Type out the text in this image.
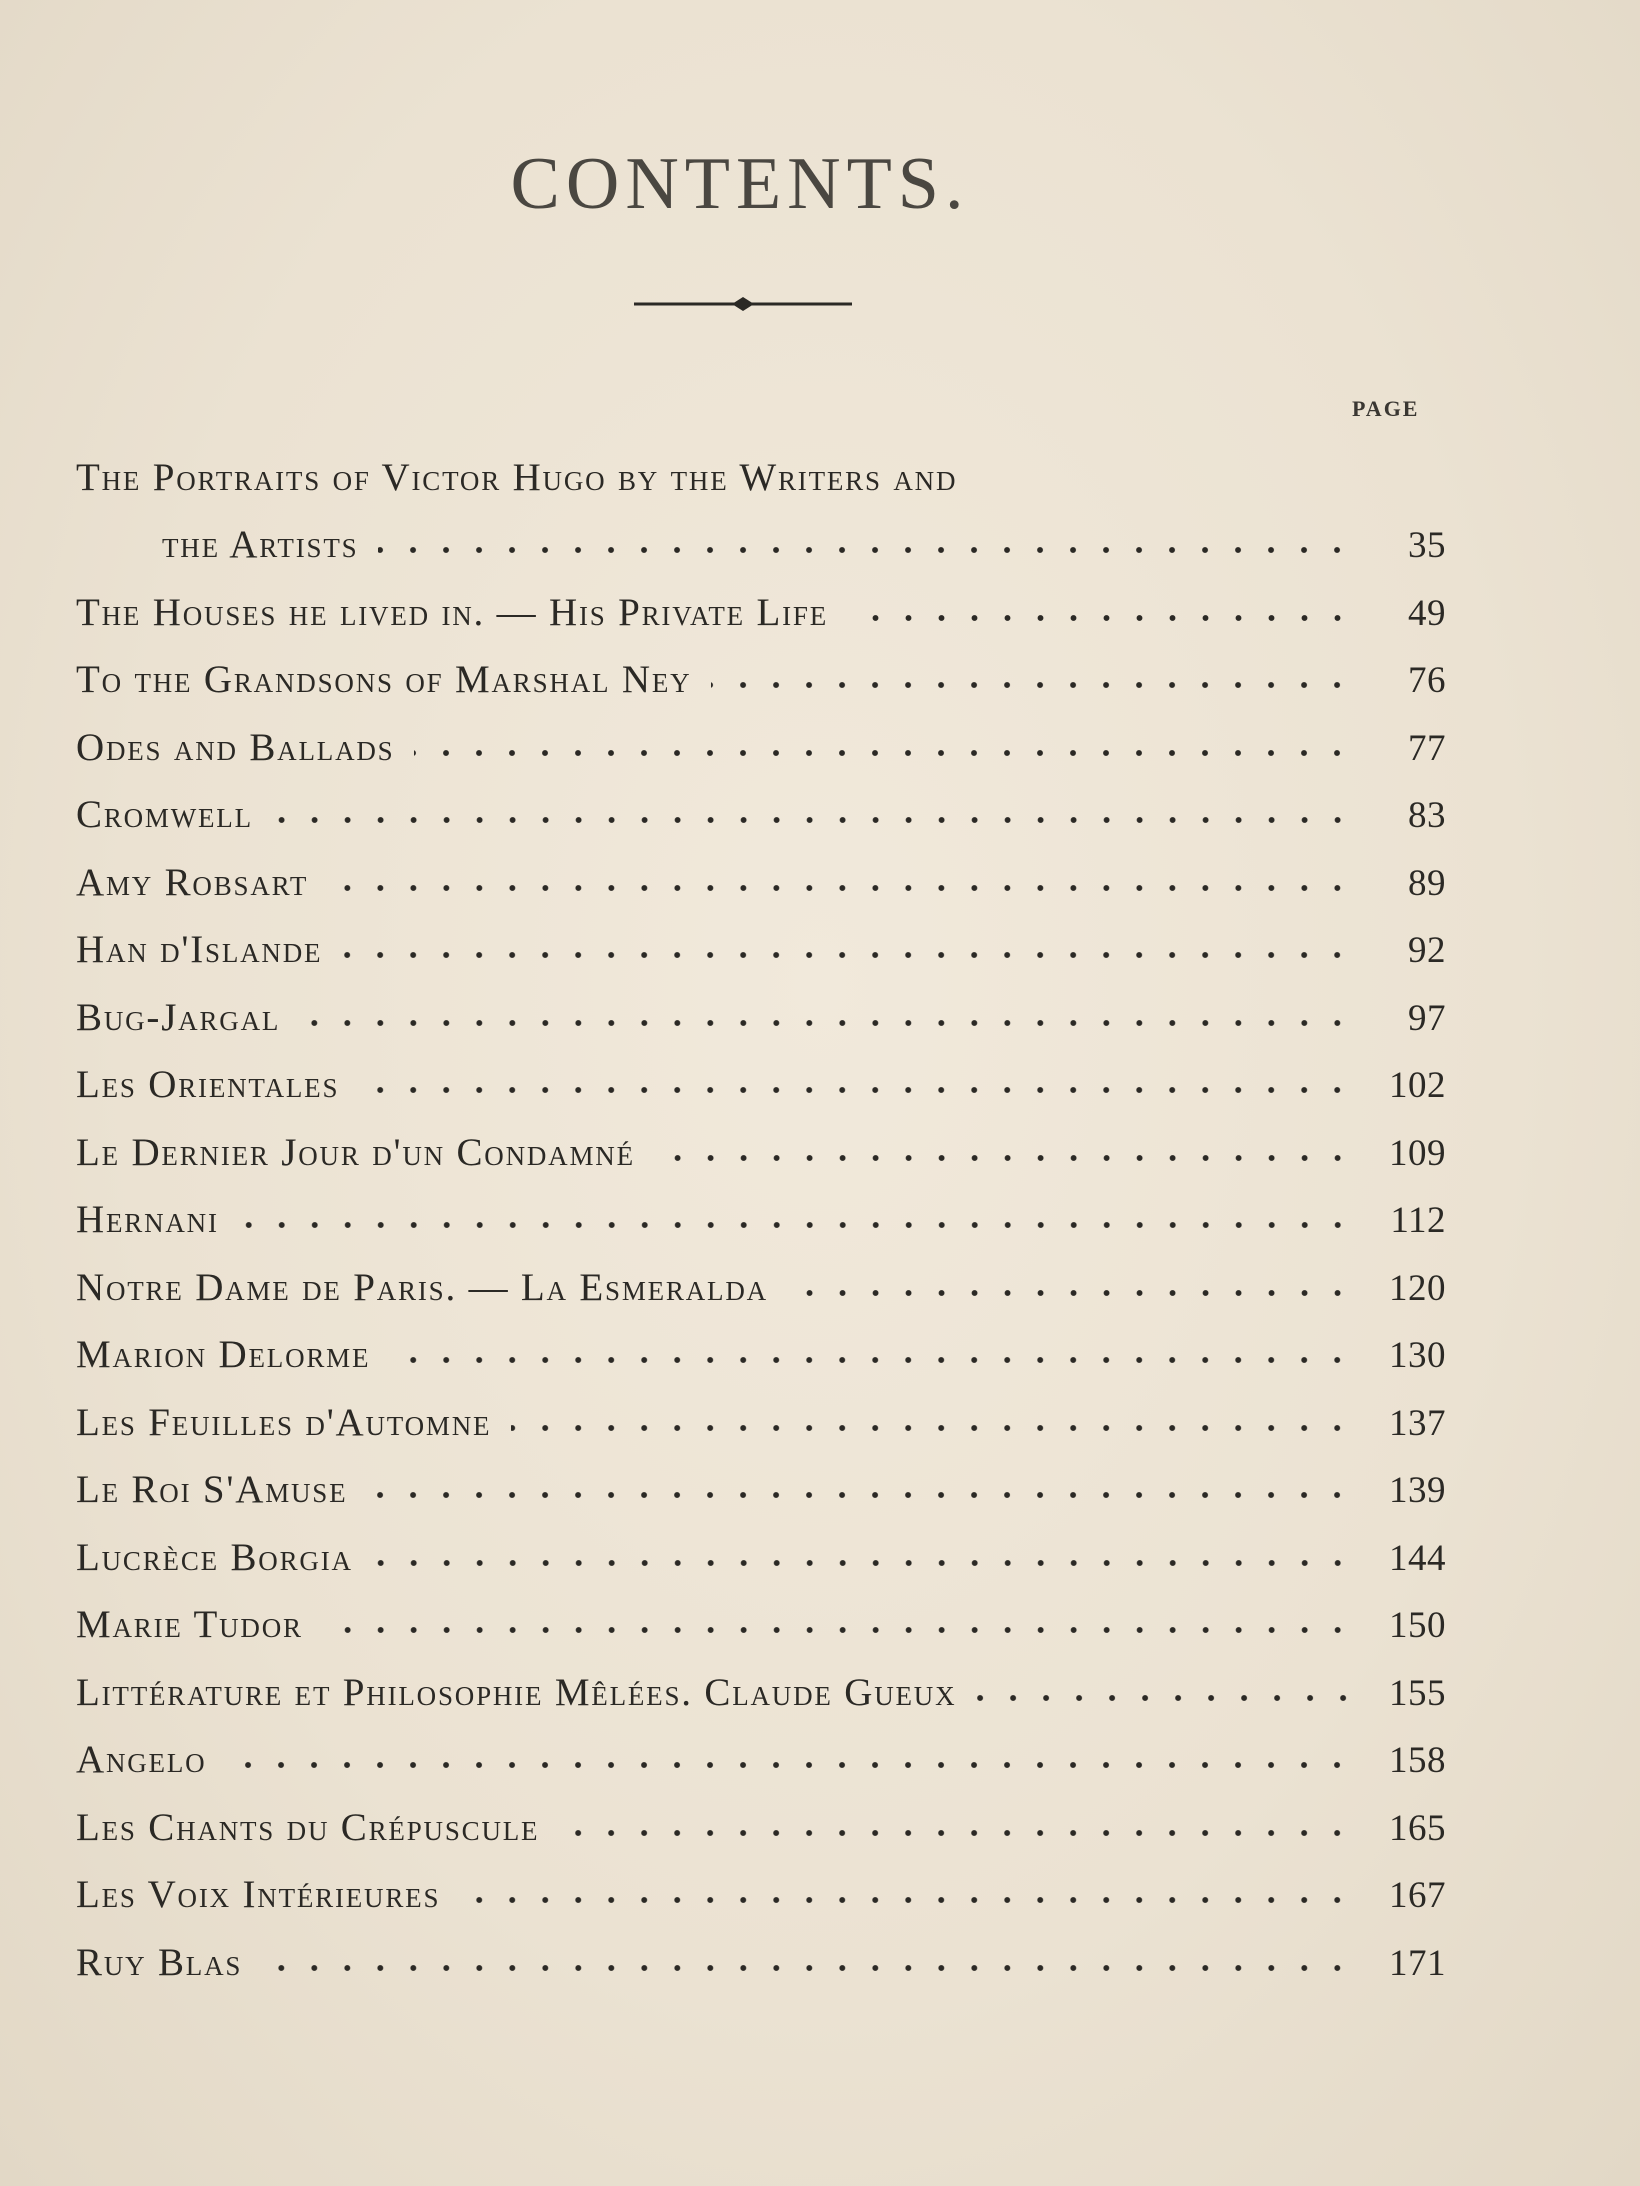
CONTENTS.
PAGE
The Portraits of Victor Hugo by the Writers and
the Artists	35
The Houses he lived in. — His Private Life	49
To the Grandsons of Marshal Ney	76
Odes and Ballads	77
Cromwell	83
Amy Robsart	89
Han d'Islande	92
Bug-Jargal	97
Les Orientales	102
Le Dernier Jour d'un Condamné	109
Hernani	112
Notre Dame de Paris. — La Esmeralda	120
Marion Delorme	130
Les Feuilles d'Automne	137
Le Roi S'Amuse	139
Lucrèce Borgia	144
Marie Tudor	150
Littérature et Philosophie Mêlées. Claude Gueux	155
Angelo	158
Les Chants du Crépuscule	165
Les Voix Intérieures	167
Ruy Blas	171
